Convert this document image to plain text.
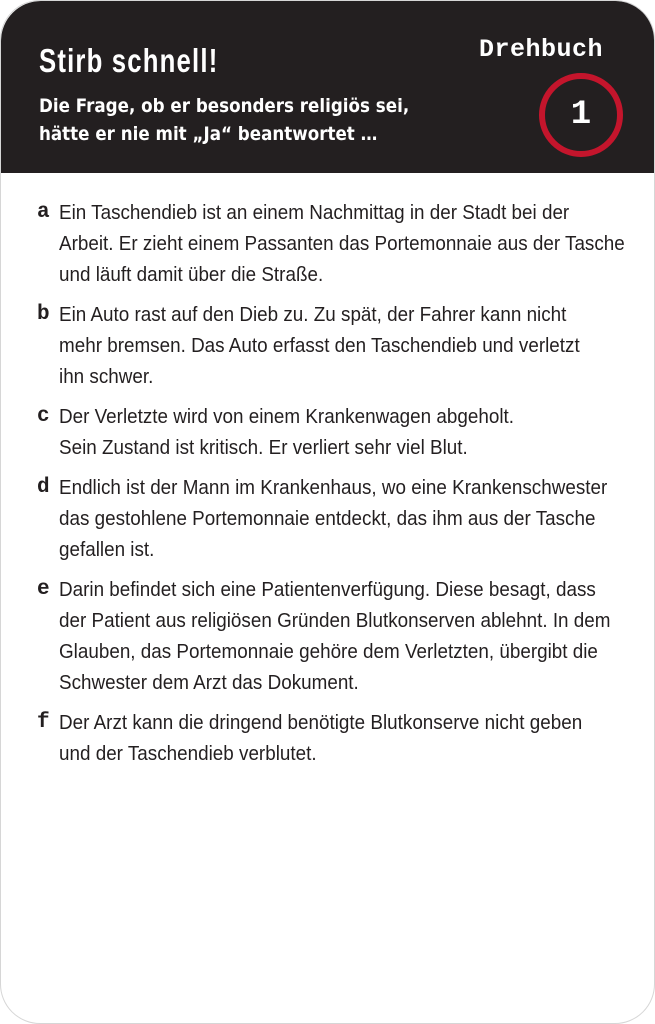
Stirb schnell!
Die Frage, ob er besonders religiös sei,
hätte er nie mit „Ja“ beantwortet …
Drehbuch
1
a Ein Taschendieb ist an einem Nachmittag in der Stadt bei der
Arbeit. Er zieht einem Passanten das Portemonnaie aus der Tasche
und läuft damit über die Straße.
b Ein Auto rast auf den Dieb zu. Zu spät, der Fahrer kann nicht
mehr bremsen. Das Auto erfasst den Taschendieb und verletzt
ihn schwer.
c Der Verletzte wird von einem Krankenwagen abgeholt.
Sein Zustand ist kritisch. Er verliert sehr viel Blut.
d Endlich ist der Mann im Krankenhaus, wo eine Krankenschwester
das gestohlene Portemonnaie entdeckt, das ihm aus der Tasche
gefallen ist.
e Darin befindet sich eine Patientenverfügung. Diese besagt, dass
der Patient aus religiösen Gründen Blutkonserven ablehnt. In dem
Glauben, das Portemonnaie gehöre dem Verletzten, übergibt die
Schwester dem Arzt das Dokument.
f Der Arzt kann die dringend benötigte Blutkonserve nicht geben
und der Taschendieb verblutet.
